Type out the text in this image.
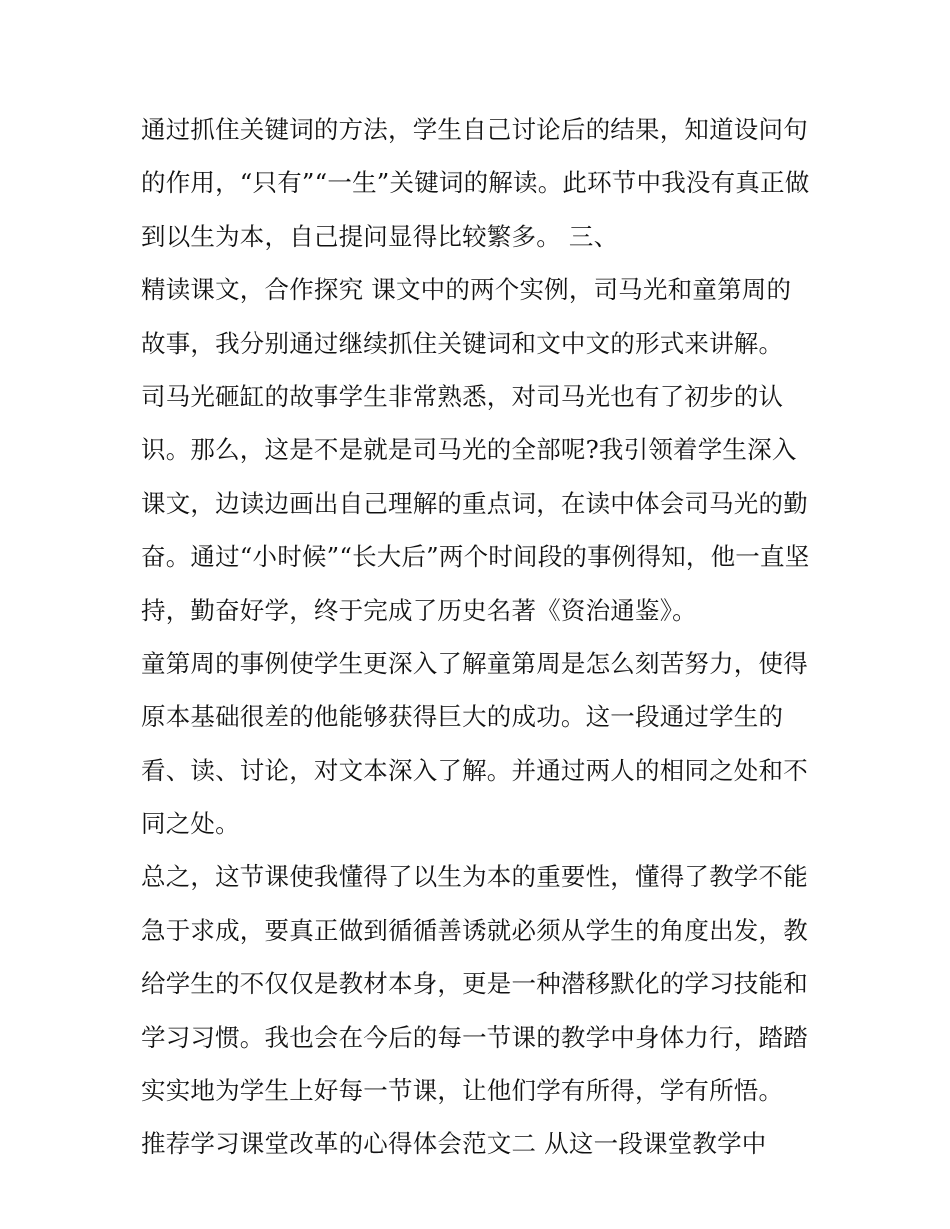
通过抓住关键词的方法，学生自己讨论后的结果，知道设问句
的作用，“只有”“一生”关键词的解读。此环节中我没有真正做
到以生为本，自己提问显得比较繁多。 三、
精读课文，合作探究 课文中的两个实例，司马光和童第周的
故事，我分别通过继续抓住关键词和文中文的形式来讲解。
司马光砸缸的故事学生非常熟悉，对司马光也有了初步的认
识。那么，这是不是就是司马光的全部呢?我引领着学生深入
课文，边读边画出自己理解的重点词，在读中体会司马光的勤
奋。通过“小时候”“长大后”两个时间段的事例得知，他一直坚
持，勤奋好学，终于完成了历史名著《资治通鉴》。
童第周的事例使学生更深入了解童第周是怎么刻苦努力，使得
原本基础很差的他能够获得巨大的成功。这一段通过学生的
看、读、讨论，对文本深入了解。并通过两人的相同之处和不
同之处。
总之，这节课使我懂得了以生为本的重要性，懂得了教学不能
急于求成，要真正做到循循善诱就必须从学生的角度出发，教
给学生的不仅仅是教材本身，更是一种潜移默化的学习技能和
学习习惯。我也会在今后的每一节课的教学中身体力行，踏踏
实实地为学生上好每一节课，让他们学有所得，学有所悟。
推荐学习课堂改革的心得体会范文二 从这一段课堂教学中
